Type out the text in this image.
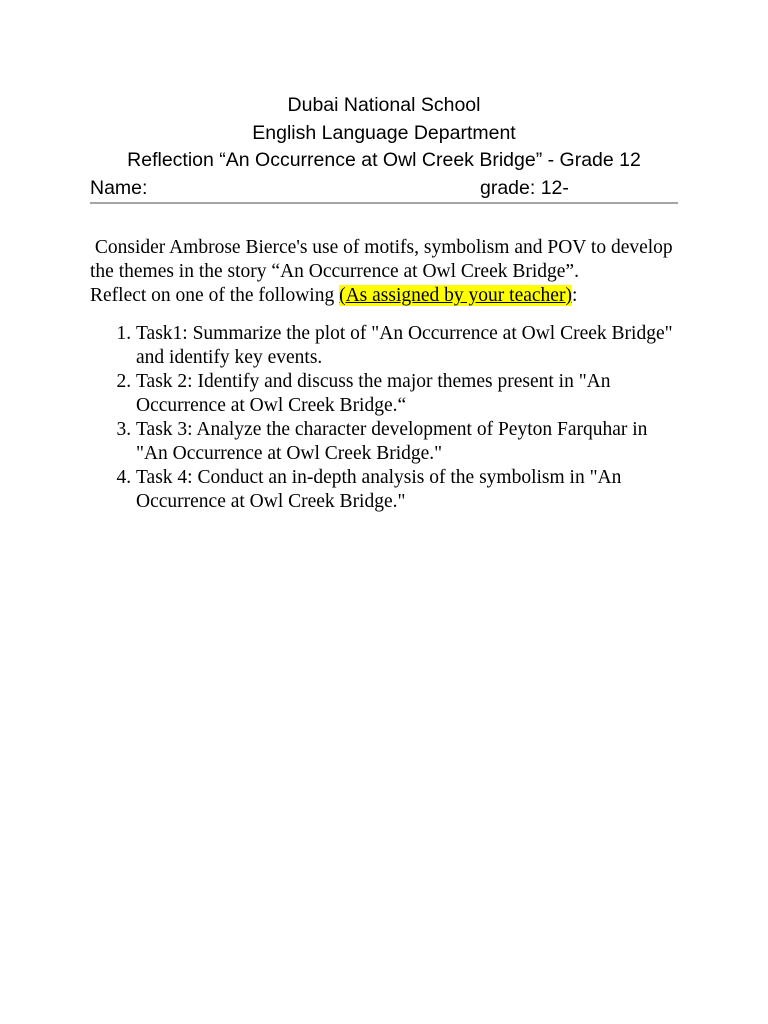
Dubai National School
English Language Department
Reflection “An Occurrence at Owl Creek Bridge” - Grade 12
Name:	grade: 12-

Consider Ambrose Bierce's use of motifs, symbolism and POV to develop the themes in the story “An Occurrence at Owl Creek Bridge”.

Reflect on one of the following (As assigned by your teacher):

1. Task1: Summarize the plot of "An Occurrence at Owl Creek Bridge" and identify key events.
2. Task 2: Identify and discuss the major themes present in "An Occurrence at Owl Creek Bridge.“
3. Task 3: Analyze the character development of Peyton Farquhar in "An Occurrence at Owl Creek Bridge."
4. Task 4: Conduct an in-depth analysis of the symbolism in "An Occurrence at Owl Creek Bridge."
